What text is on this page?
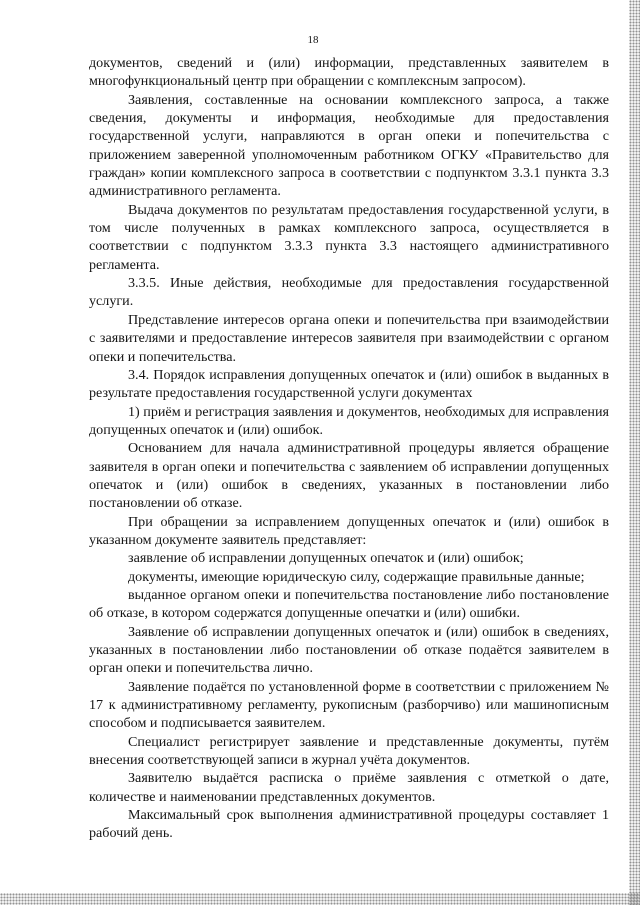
18

документов, сведений и (или) информации, представленных заявителем в многофункциональный центр при обращении с комплексным запросом).

Заявления, составленные на основании комплексного запроса, а также сведения, документы и информация, необходимые для предоставления государственной услуги, направляются в орган опеки и попечительства с приложением заверенной уполномоченным работником ОГКУ «Правительство для граждан» копии комплексного запроса в соответствии с подпунктом 3.3.1 пункта 3.3 административного регламента.

Выдача документов по результатам предоставления государственной услуги, в том числе полученных в рамках комплексного запроса, осуществляется в соответствии с подпунктом 3.3.3 пункта 3.3 настоящего административного регламента.

3.3.5. Иные действия, необходимые для предоставления государственной услуги.

Представление интересов органа опеки и попечительства при взаимодействии с заявителями и предоставление интересов заявителя при взаимодействии с органом опеки и попечительства.

3.4. Порядок исправления допущенных опечаток и (или) ошибок в выданных в результате предоставления государственной услуги документах

1) приём и регистрация заявления и документов, необходимых для исправления допущенных опечаток и (или) ошибок.

Основанием для начала административной процедуры является обращение заявителя в орган опеки и попечительства с заявлением об исправлении допущенных опечаток и (или) ошибок в сведениях, указанных в постановлении либо постановлении об отказе.

При обращении за исправлением допущенных опечаток и (или) ошибок в указанном документе заявитель представляет:

заявление об исправлении допущенных опечаток и (или) ошибок;

документы, имеющие юридическую силу, содержащие правильные данные;

выданное органом опеки и попечительства постановление либо постановление об отказе, в котором содержатся допущенные опечатки и (или) ошибки.

Заявление об исправлении допущенных опечаток и (или) ошибок в сведениях, указанных в постановлении либо постановлении об отказе подаётся заявителем в орган опеки и попечительства лично.

Заявление подаётся по установленной форме в соответствии с приложением № 17 к административному регламенту, рукописным (разборчиво) или машинописным способом и подписывается заявителем.

Специалист регистрирует заявление и представленные документы, путём внесения соответствующей записи в журнал учёта документов.

Заявителю выдаётся расписка о приёме заявления с отметкой о дате, количестве и наименовании представленных документов.

Максимальный срок выполнения административной процедуры составляет 1 рабочий день.
